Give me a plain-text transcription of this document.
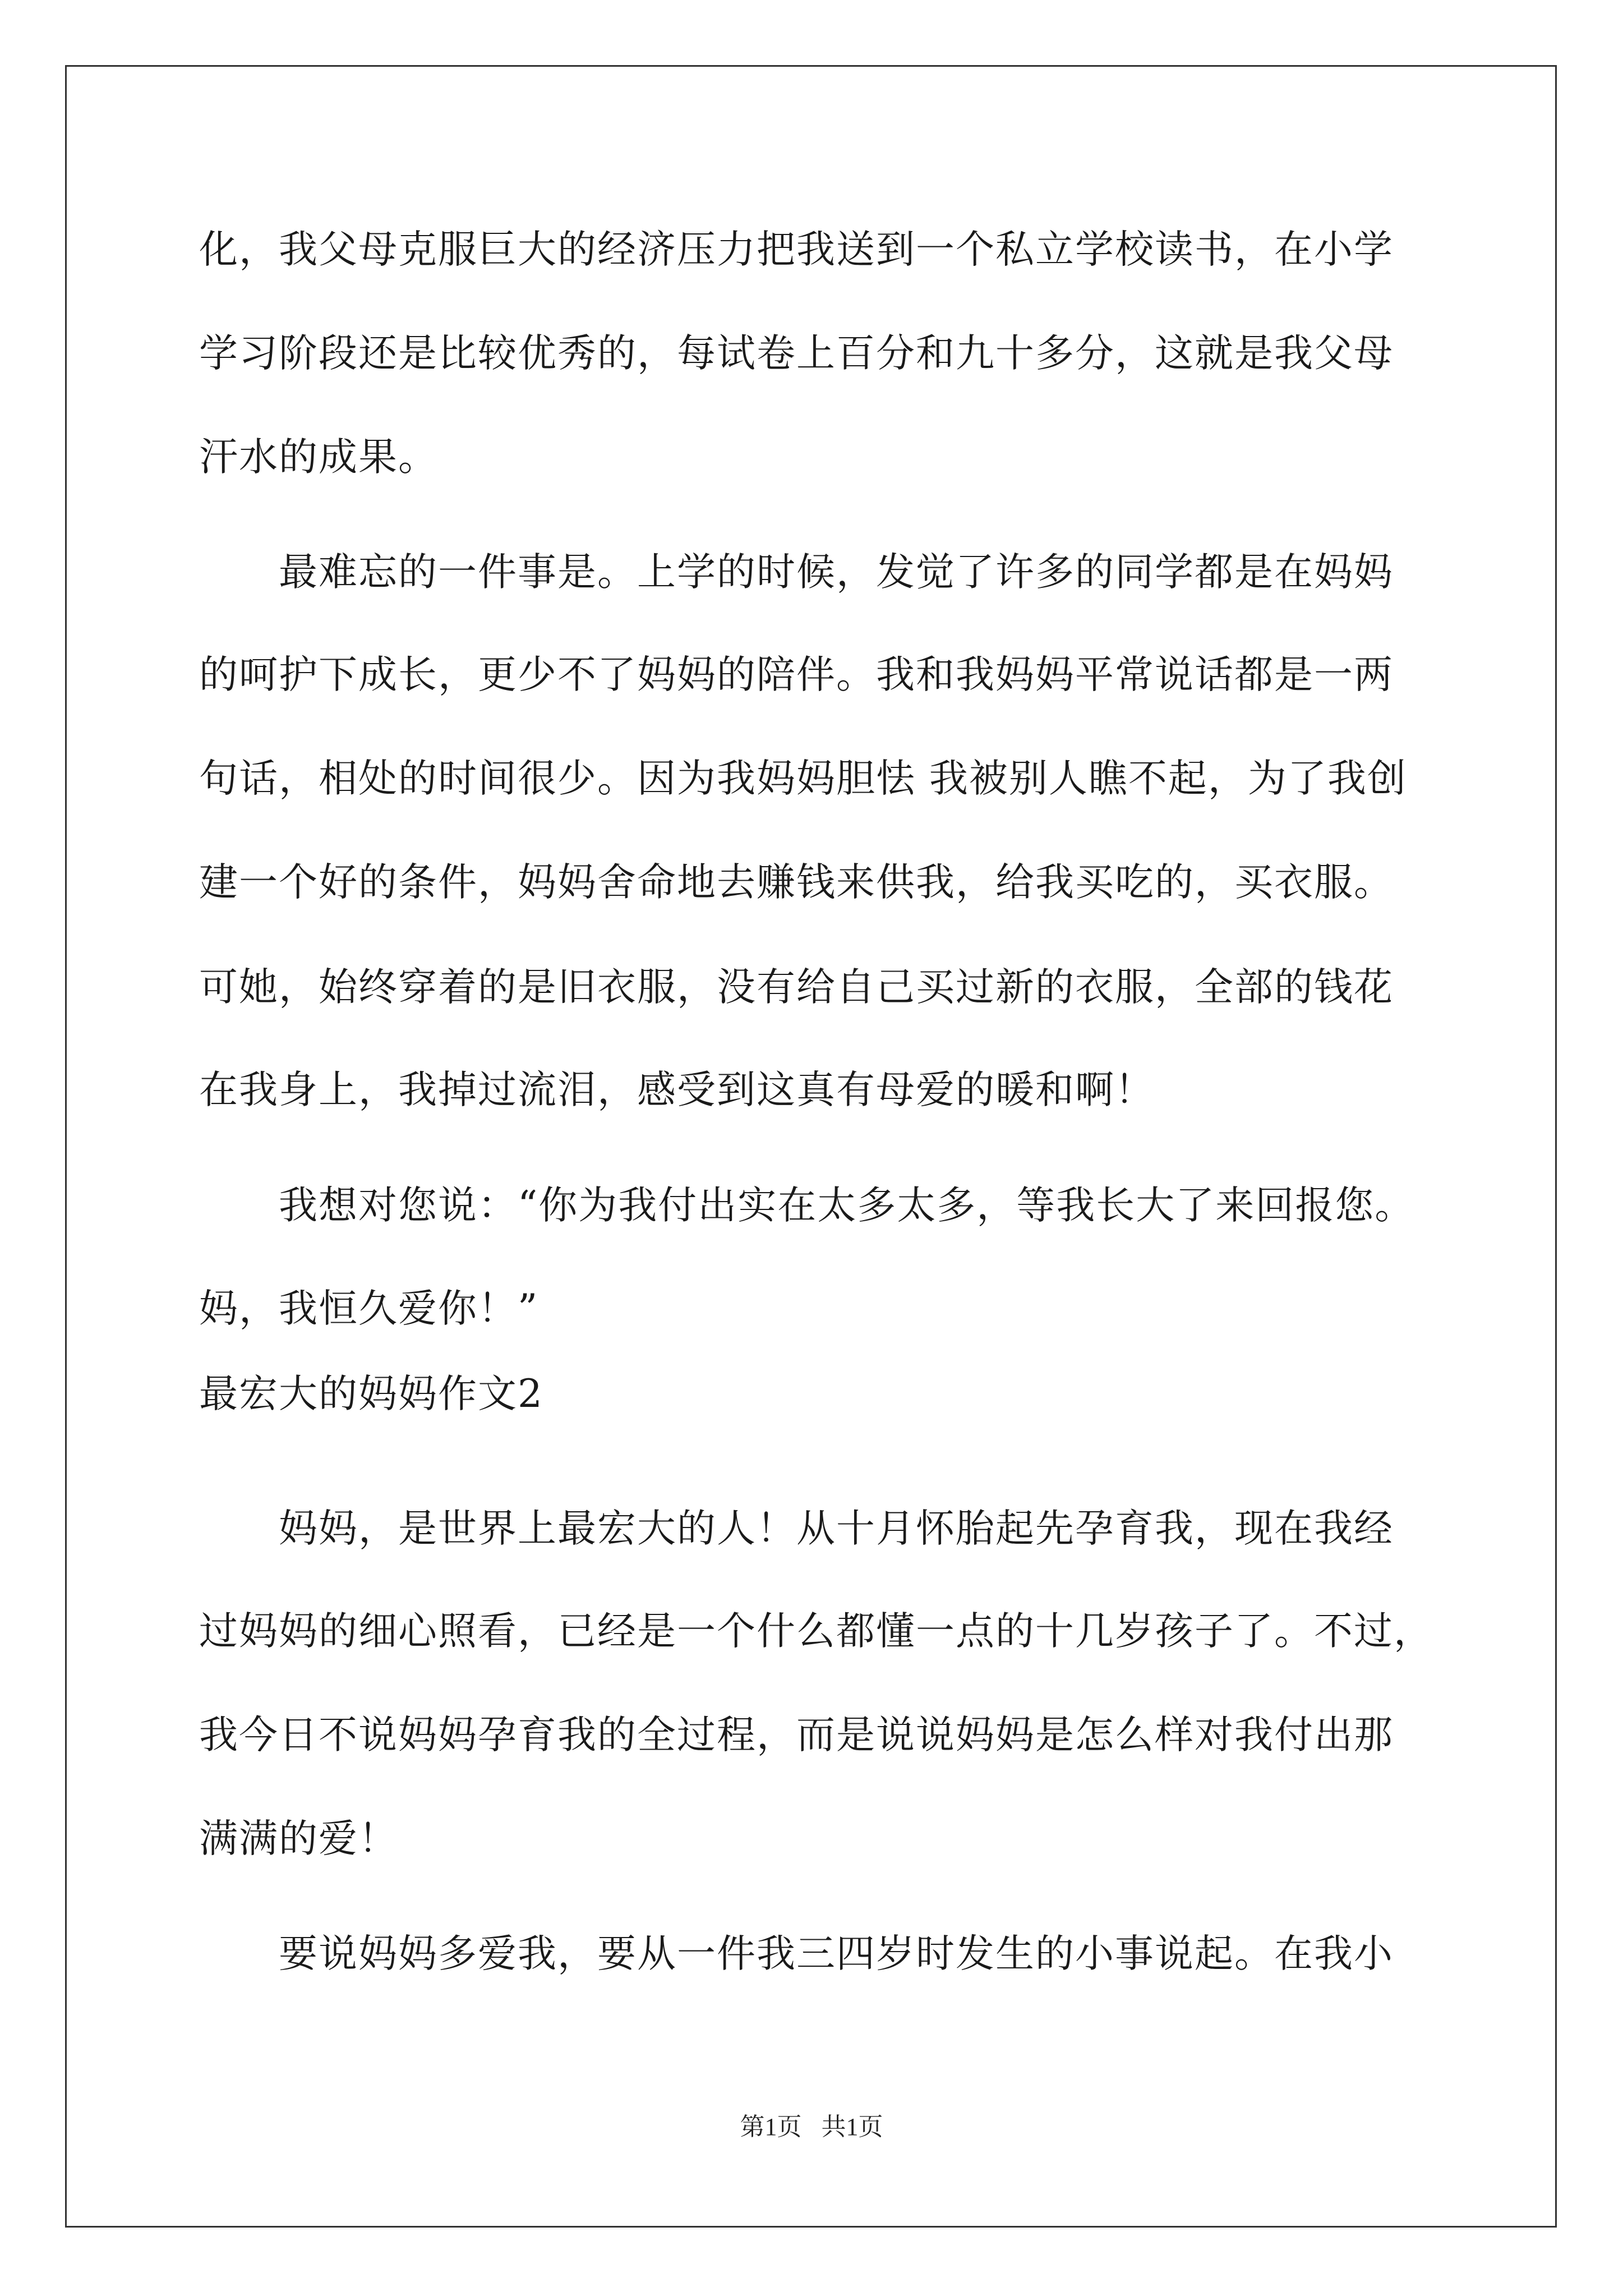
化，我父母克服巨大的经济压力把我送到一个私立学校读书，在小学
学习阶段还是比较优秀的，每试卷上百分和九十多分，这就是我父母
汗水的成果。
　　最难忘的一件事是。上学的时候，发觉了许多的同学都是在妈妈
的呵护下成长，更少不了妈妈的陪伴。我和我妈妈平常说话都是一两
句话，相处的时间很少。因为我妈妈胆怯 我被别人瞧不起，为了我创
建一个好的条件，妈妈舍命地去赚钱来供我，给我买吃的，买衣服。
可她，始终穿着的是旧衣服，没有给自己买过新的衣服，全部的钱花
在我身上，我掉过流泪，感受到这真有母爱的暖和啊！
　　我想对您说：“你为我付出实在太多太多，等我长大了来回报您。
妈，我恒久爱你！”
最宏大的妈妈作文2
　　妈妈，是世界上最宏大的人！从十月怀胎起先孕育我，现在我经
过妈妈的细心照看，已经是一个什么都懂一点的十几岁孩子了。不过，
我今日不说妈妈孕育我的全过程，而是说说妈妈是怎么样对我付出那
满满的爱！
　　要说妈妈多爱我，要从一件我三四岁时发生的小事说起。在我小
第1页 共1页
